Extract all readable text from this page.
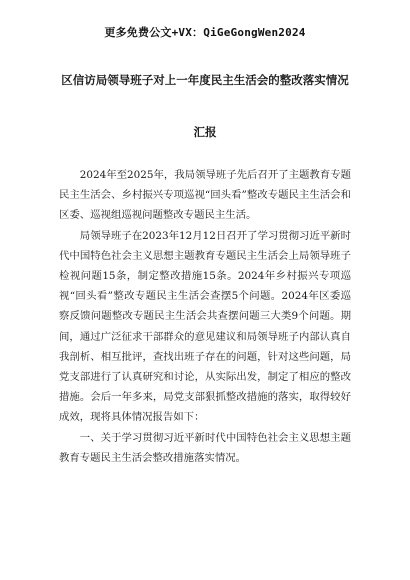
更多免费公文+VX：QiGeGongWen2024
区信访局领导班子对上一年度民主生活会的整改落实情况
汇报

2024年至2025年，我局领导班子先后召开了主题教育专题民主生活会、乡村振兴专项巡视“回头看”整改专题民主生活会和区委、巡视组巡视问题整改专题民主生活。

局领导班子在2023年12月12日召开了学习贯彻习近平新时代中国特色社会主义思想主题教育专题民主生活会上局领导班子检视问题15条，制定整改措施15条。2024年乡村振兴专项巡视“回头看”整改专题民主生活会查摆5个问题。2024年区委巡察反馈问题整改专题民主生活会共查摆问题三大类9个问题。期间，通过广泛征求干部群众的意见建议和局领导班子内部认真自我剖析、相互批评，查找出班子存在的问题，针对这些问题，局党支部进行了认真研究和讨论，从实际出发，制定了相应的整改措施。会后一年多来，局党支部狠抓整改措施的落实，取得较好成效，现将具体情况报告如下：

一、关于学习贯彻习近平新时代中国特色社会主义思想主题教育专题民主生活会整改措施落实情况。
